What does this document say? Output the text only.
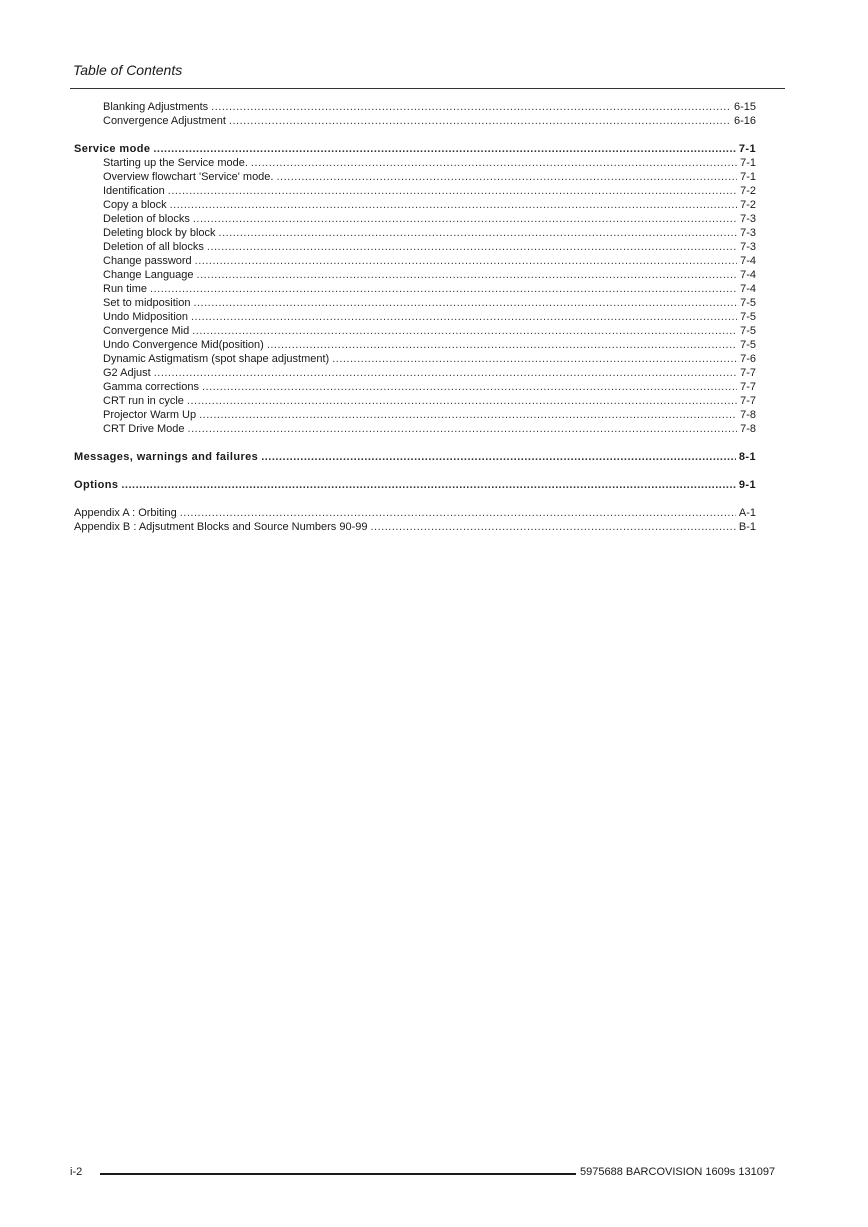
Table of Contents
Blanking Adjustments .....	6-15
Convergence Adjustment .....	6-16
Service mode .....	7-1
Starting up the Service mode. .....	7-1
Overview flowchart 'Service' mode. .....	7-1
Identification .....	7-2
Copy a block .....	7-2
Deletion of blocks .....	7-3
Deleting block by block .....	7-3
Deletion of all blocks .....	7-3
Change password .....	7-4
Change Language .....	7-4
Run time .....	7-4
Set to midposition .....	7-5
Undo Midposition .....	7-5
Convergence Mid .....	7-5
Undo Convergence Mid(position) .....	7-5
Dynamic Astigmatism (spot shape adjustment) .....	7-6
G2 Adjust .....	7-7
Gamma corrections .....	7-7
CRT run in cycle .....	7-7
Projector Warm Up .....	7-8
CRT Drive Mode .....	7-8
Messages, warnings and failures .....	8-1
Options .....	9-1
Appendix A : Orbiting .....	A-1
Appendix B : Adjsutment Blocks and Source Numbers 90-99 .....	B-1
i-2	5975688 BARCOVISION 1609s 131097
